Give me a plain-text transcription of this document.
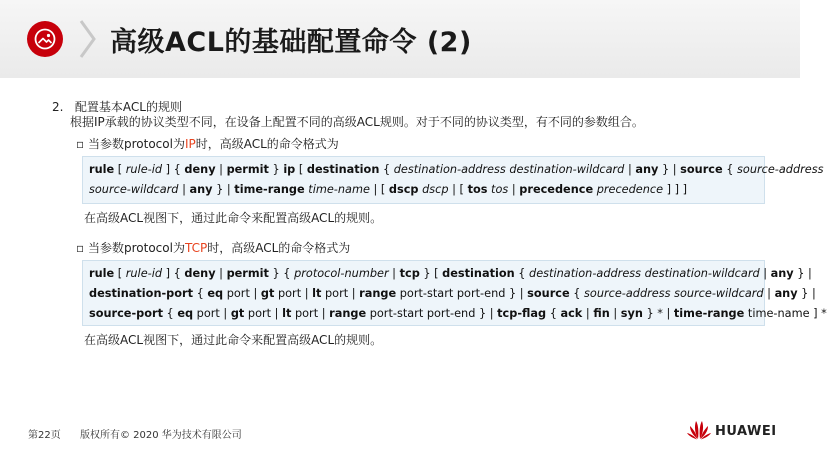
高级ACL的基础配置命令 (2)
2. 配置基本ACL的规则
根据IP承载的协议类型不同，在设备上配置不同的高级ACL规则。对于不同的协议类型，有不同的参数组合。
▫ 当参数protocol为IP时，高级ACL的命令格式为
rule [ rule-id ] { deny | permit } ip [ destination { destination-address destination-wildcard | any } | source { source-address
source-wildcard | any } | time-range time-name | [ dscp dscp | [ tos tos | precedence precedence ] ] ]
在高级ACL视图下，通过此命令来配置高级ACL的规则。
▫ 当参数protocol为TCP时，高级ACL的命令格式为
rule [ rule-id ] { deny | permit } { protocol-number | tcp } [ destination { destination-address destination-wildcard | any } |
destination-port { eq port | gt port | lt port | range port-start port-end } | source { source-address source-wildcard | any } |
source-port { eq port | gt port | lt port | range port-start port-end } | tcp-flag { ack | fin | syn } * | time-range time-name ] *
在高级ACL视图下，通过此命令来配置高级ACL的规则。
第22页 版权所有© 2020 华为技术有限公司	HUAWEI
